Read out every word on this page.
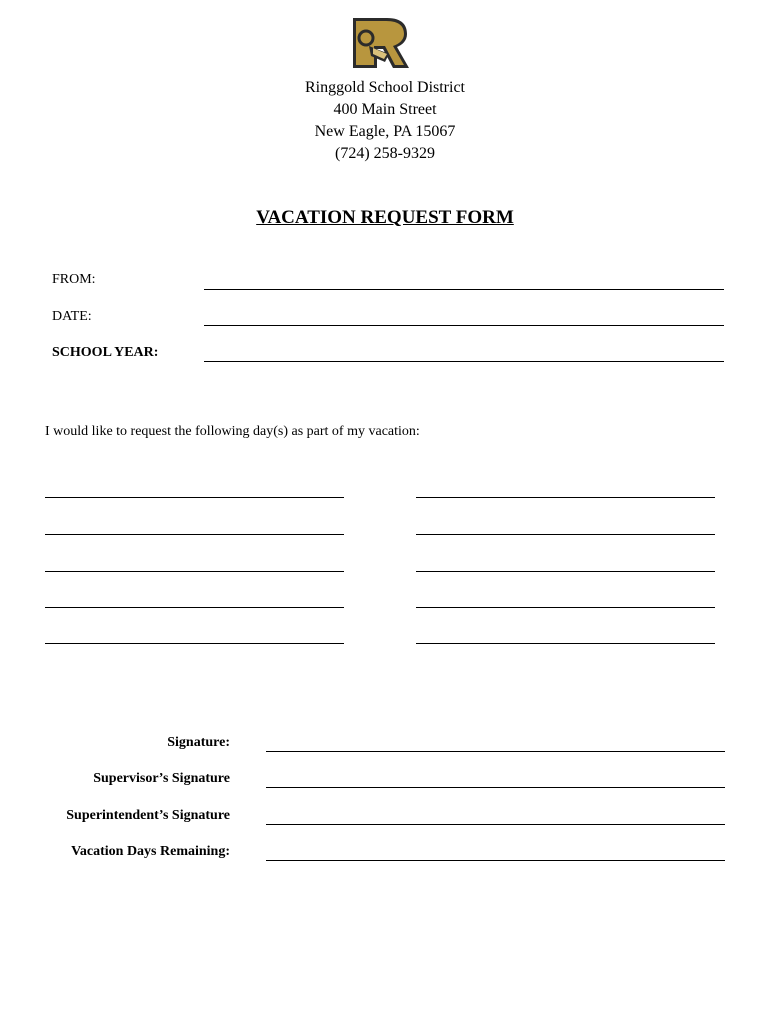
Ringgold School District
400 Main Street
New Eagle, PA 15067
(724) 258-9329
VACATION REQUEST FORM
FROM:
DATE:
SCHOOL YEAR:
I would like to request the following day(s) as part of my vacation:
Signature:
Supervisor’s Signature
Superintendent’s Signature
Vacation Days Remaining:
